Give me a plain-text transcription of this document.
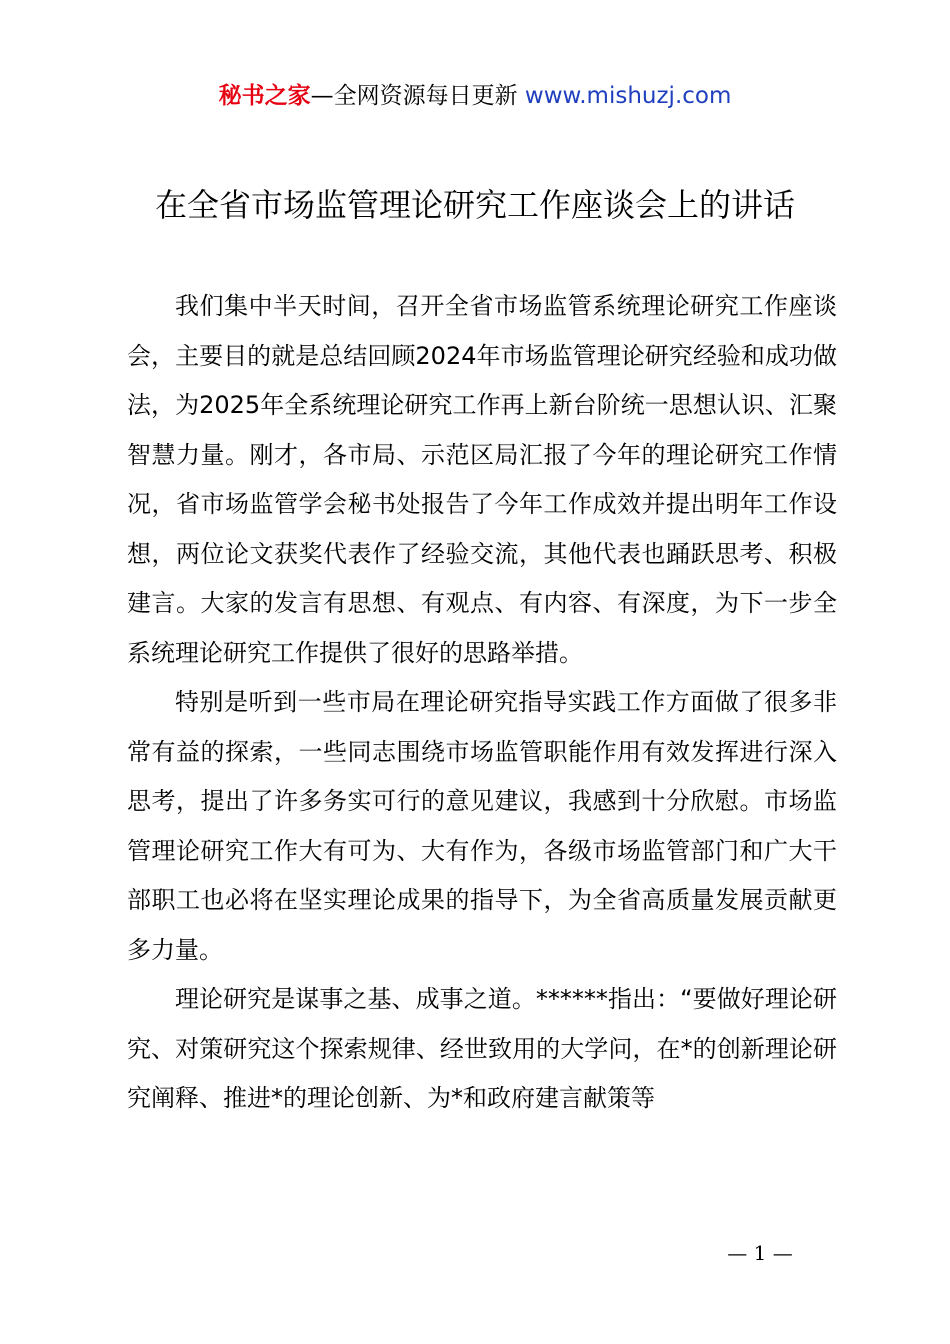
秘书之家—全网资源每日更新 www.mishuzj.com
在全省市场监管理论研究工作座谈会上的讲话

我们集中半天时间，召开全省市场监管系统理论研究工作座谈会，主要目的就是总结回顾2024年市场监管理论研究经验和成功做法，为2025年全系统理论研究工作再上新台阶统一思想认识、汇聚智慧力量。刚才，各市局、示范区局汇报了今年的理论研究工作情况，省市场监管学会秘书处报告了今年工作成效并提出明年工作设想，两位论文获奖代表作了经验交流，其他代表也踊跃思考、积极建言。大家的发言有思想、有观点、有内容、有深度，为下一步全系统理论研究工作提供了很好的思路举措。

特别是听到一些市局在理论研究指导实践工作方面做了很多非常有益的探索，一些同志围绕市场监管职能作用有效发挥进行深入思考，提出了许多务实可行的意见建议，我感到十分欣慰。市场监管理论研究工作大有可为、大有作为，各级市场监管部门和广大干部职工也必将在坚实理论成果的指导下，为全省高质量发展贡献更多力量。

理论研究是谋事之基、成事之道。******指出：“要做好理论研究、对策研究这个探索规律、经世致用的大学问，在*的创新理论研究阐释、推进*的理论创新、为*和政府建言献策等

— 1 —
